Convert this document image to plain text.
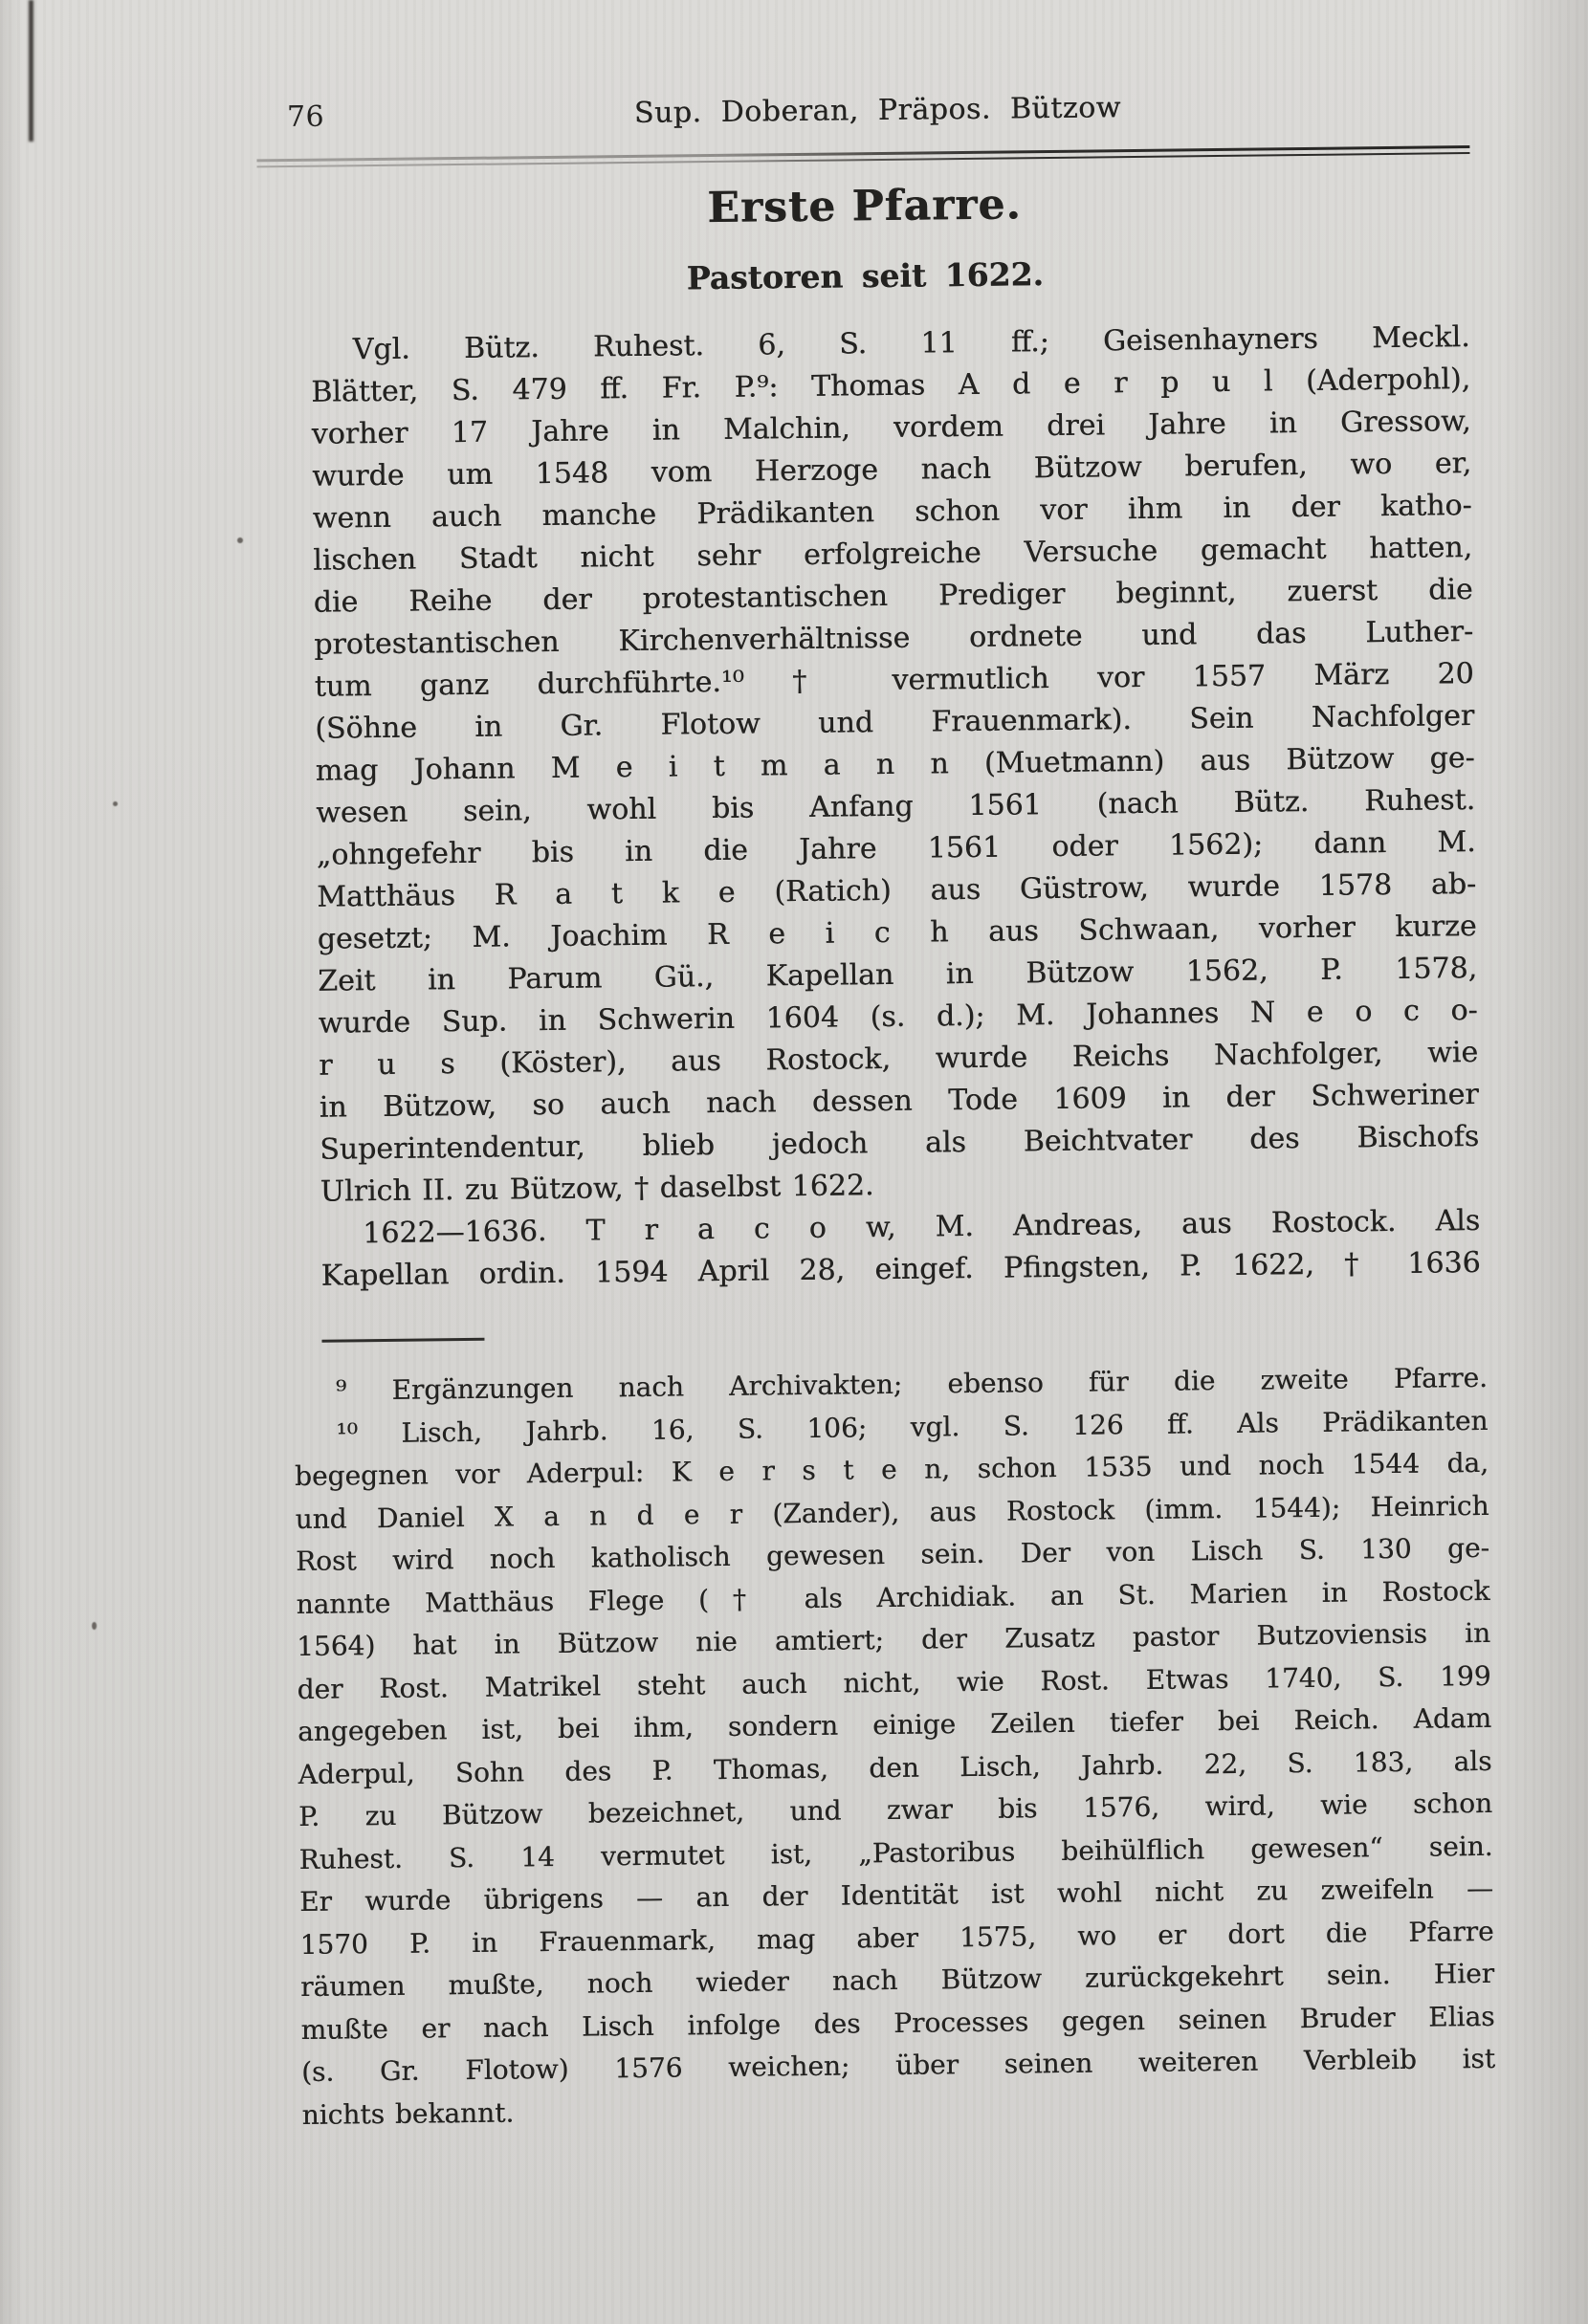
76	Sup. Doberan, Präpos. Bützow
Erste Pfarre.
Pastoren seit 1622.
Vgl. Bütz. Ruhest. 6, S. 11 ff.; Geisenhayners Meckl.
Blätter, S. 479 ff. Fr. P.⁹: Thomas A d e r p u l (Aderpohl),
vorher 17 Jahre in Malchin, vordem drei Jahre in Gressow,
wurde um 1548 vom Herzoge nach Bützow berufen, wo er,
wenn auch manche Prädikanten schon vor ihm in der katho-
lischen Stadt nicht sehr erfolgreiche Versuche gemacht hatten,
die Reihe der protestantischen Prediger beginnt, zuerst die
protestantischen Kirchenverhältnisse ordnete und das Luther-
tum ganz durchführte.¹⁰ † vermutlich vor 1557 März 20
(Söhne in Gr. Flotow und Frauenmark). Sein Nachfolger
mag Johann M e i t m a n n (Muetmann) aus Bützow ge-
wesen sein, wohl bis Anfang 1561 (nach Bütz. Ruhest.
„ohngefehr bis in die Jahre 1561 oder 1562); dann M.
Matthäus R a t k e (Ratich) aus Güstrow, wurde 1578 ab-
gesetzt; M. Joachim R e i c h aus Schwaan, vorher kurze
Zeit in Parum Gü., Kapellan in Bützow 1562, P. 1578,
wurde Sup. in Schwerin 1604 (s. d.); M. Johannes N e o c o-
r u s (Köster), aus Rostock, wurde Reichs Nachfolger, wie
in Bützow, so auch nach dessen Tode 1609 in der Schweriner
Superintendentur, blieb jedoch als Beichtvater des Bischofs
Ulrich II. zu Bützow, † daselbst 1622.
1622—1636. T r a c o w, M. Andreas, aus Rostock. Als
Kapellan ordin. 1594 April 28, eingef. Pfingsten, P. 1622, † 1636
⁹ Ergänzungen nach Archivakten; ebenso für die zweite Pfarre.
¹⁰ Lisch, Jahrb. 16, S. 106; vgl. S. 126 ff. Als Prädikanten
begegnen vor Aderpul: K e r s t e n, schon 1535 und noch 1544 da,
und Daniel X a n d e r (Zander), aus Rostock (imm. 1544); Heinrich
Rost wird noch katholisch gewesen sein. Der von Lisch S. 130 ge-
nannte Matthäus Flege († als Archidiak. an St. Marien in Rostock
1564) hat in Bützow nie amtiert; der Zusatz pastor Butzoviensis in
der Rost. Matrikel steht auch nicht, wie Rost. Etwas 1740, S. 199
angegeben ist, bei ihm, sondern einige Zeilen tiefer bei Reich. Adam
Aderpul, Sohn des P. Thomas, den Lisch, Jahrb. 22, S. 183, als
P. zu Bützow bezeichnet, und zwar bis 1576, wird, wie schon
Ruhest. S. 14 vermutet ist, „Pastoribus beihülflich gewesen“ sein.
Er wurde übrigens — an der Identität ist wohl nicht zu zweifeln —
1570 P. in Frauenmark, mag aber 1575, wo er dort die Pfarre
räumen mußte, noch wieder nach Bützow zurückgekehrt sein. Hier
mußte er nach Lisch infolge des Processes gegen seinen Bruder Elias
(s. Gr. Flotow) 1576 weichen; über seinen weiteren Verbleib ist
nichts bekannt.
